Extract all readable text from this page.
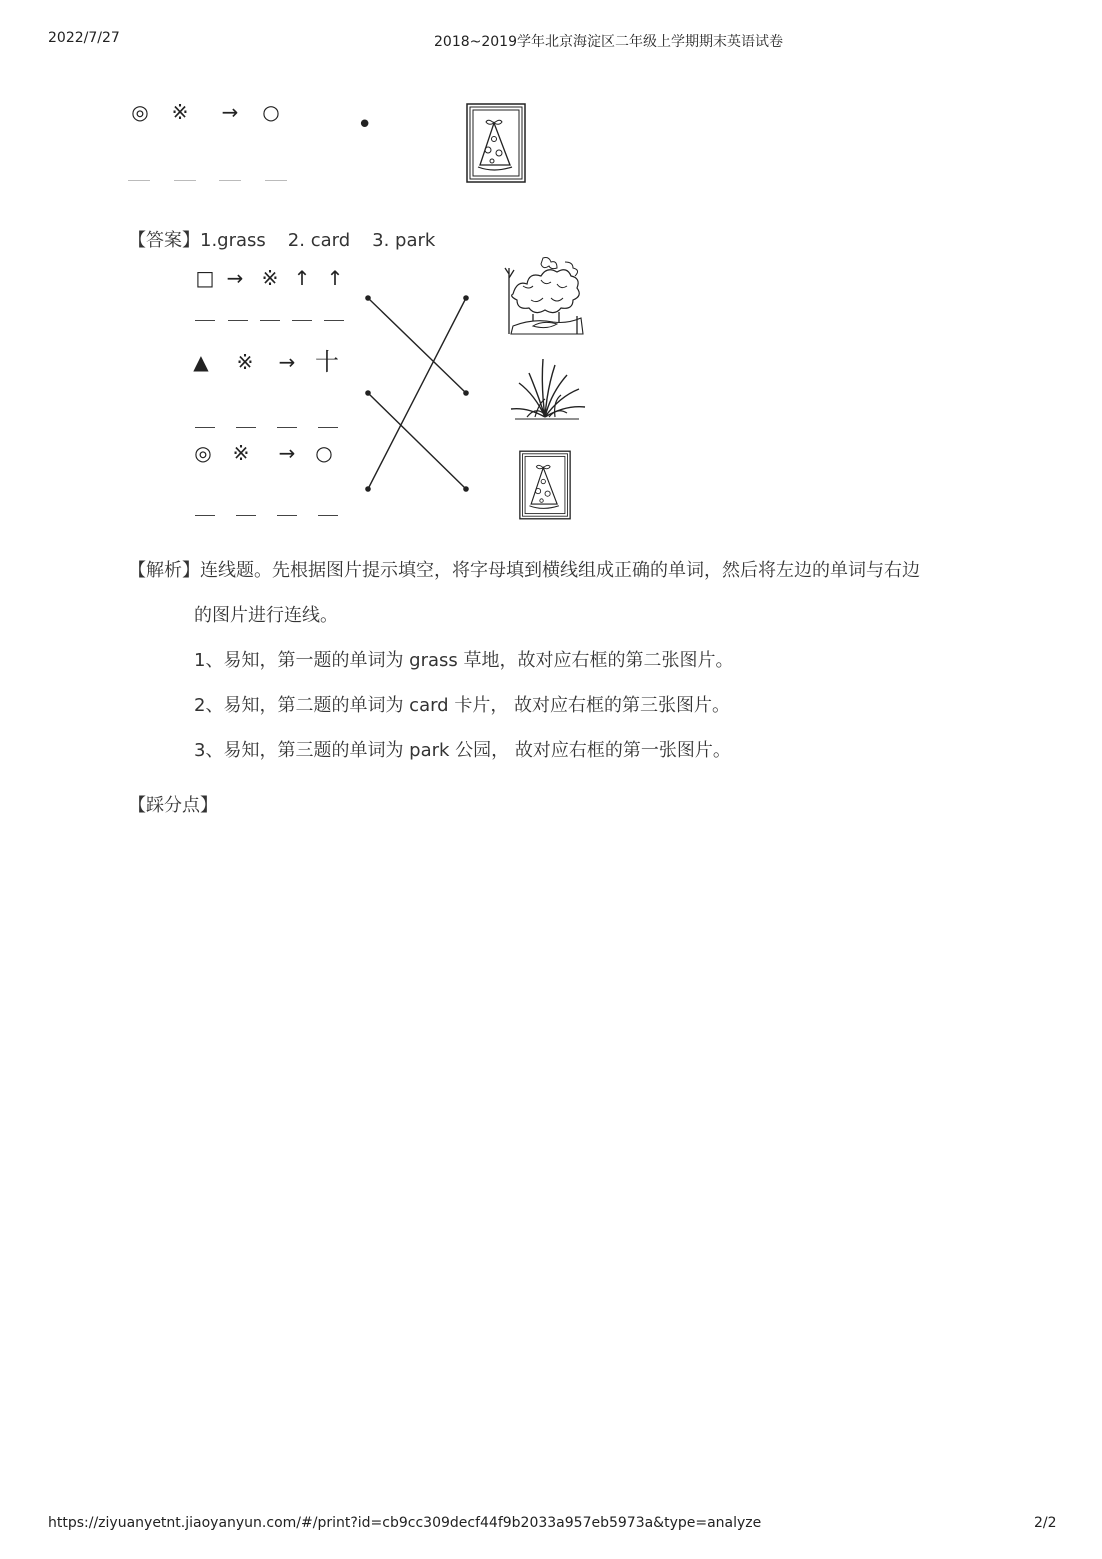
2022/7/27	2018~2019学年北京海淀区二年级上学期期末英语试卷
◎	※	→	○	•
【答案】1.grass 2. card 3. park
□ → ※ ↑ ↑
▲	※	→ 十
◎	※	→ ○
【解析】连线题。先根据图片提示填空，将字母填到横线组成正确的单词，然后将左边的单词与右边
的图片进行连线。
1、易知，第一题的单词为 grass 草地，故对应右框的第二张图片。
2、易知，第二题的单词为 card 卡片， 故对应右框的第三张图片。
3、易知，第三题的单词为 park 公园， 故对应右框的第一张图片。
【踩分点】
https://ziyuanyetnt.jiaoyanyun.com/#/print?id=cb9cc309decf44f9b2033a957eb5973a&type=analyze	2/2
